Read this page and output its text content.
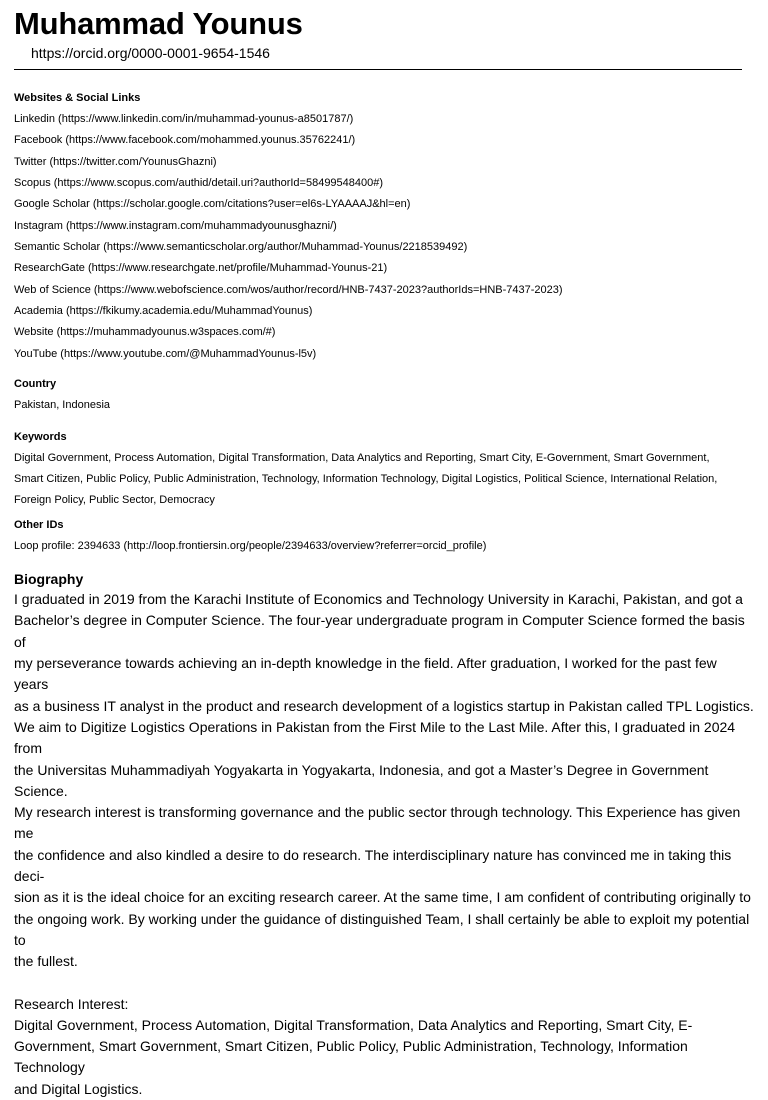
Muhammad Younus
https://orcid.org/0000-0001-9654-1546

Websites & Social Links

Linkedin (https://www.linkedin.com/in/muhammad-younus-a8501787/)

Facebook (https://www.facebook.com/mohammed.younus.35762241/)

Twitter (https://twitter.com/YounusGhazni)

Scopus (https://www.scopus.com/authid/detail.uri?authorId=58499548400#)

Google Scholar (https://scholar.google.com/citations?user=el6s-LYAAAAJ&hl=en)

Instagram (https://www.instagram.com/muhammadyounusghazni/)

Semantic Scholar (https://www.semanticscholar.org/author/Muhammad-Younus/2218539492)

ResearchGate (https://www.researchgate.net/profile/Muhammad-Younus-21)

Web of Science (https://www.webofscience.com/wos/author/record/HNB-7437-2023?authorIds=HNB-7437-2023)

Academia (https://fkikumy.academia.edu/MuhammadYounus)

Website (https://muhammadyounus.w3spaces.com/#)

YouTube (https://www.youtube.com/@MuhammadYounus-l5v)

Country

Pakistan, Indonesia

Keywords

Digital Government, Process Automation, Digital Transformation, Data Analytics and Reporting, Smart City, E-Government, Smart Government,

Smart Citizen, Public Policy, Public Administration, Technology, Information Technology, Digital Logistics, Political Science, International Relation,

Foreign Policy, Public Sector, Democracy

Other IDs

Loop profile: 2394633 (http://loop.frontiersin.org/people/2394633/overview?referrer=orcid_profile)

Biography

I graduated in 2019 from the Karachi Institute of Economics and Technology University in Karachi, Pakistan, and got a

Bachelor’s degree in Computer Science. The four-year undergraduate program in Computer Science formed the basis of

my perseverance towards achieving an in-depth knowledge in the field. After graduation, I worked for the past few years

as a business IT analyst in the product and research development of a logistics startup in Pakistan called TPL Logistics.

We aim to Digitize Logistics Operations in Pakistan from the First Mile to the Last Mile. After this, I graduated in 2024 from

the Universitas Muhammadiyah Yogyakarta in Yogyakarta, Indonesia, and got a Master’s Degree in Government Science.

My research interest is transforming governance and the public sector through technology. This Experience has given me

the confidence and also kindled a desire to do research. The interdisciplinary nature has convinced me in taking this deci-

sion as it is the ideal choice for an exciting research career. At the same time, I am confident of contributing originally to

the ongoing work. By working under the guidance of distinguished Team, I shall certainly be able to exploit my potential to

the fullest.

Research Interest:

Digital Government, Process Automation, Digital Transformation, Data Analytics and Reporting, Smart City, E-

Government, Smart Government, Smart Citizen, Public Policy, Public Administration, Technology, Information Technology

and Digital Logistics.
